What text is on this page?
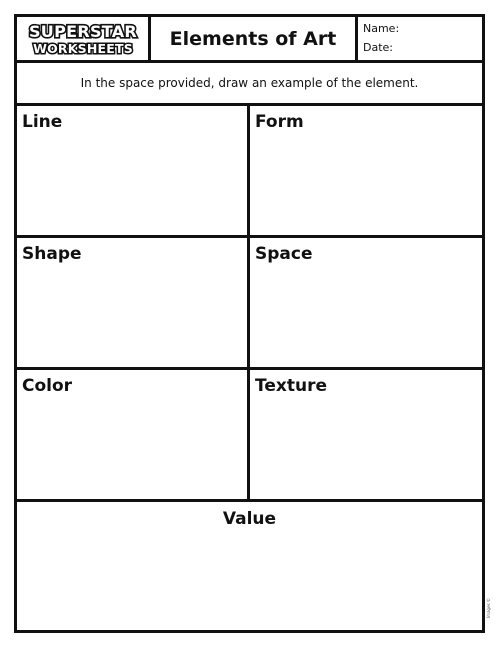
SUPERSTAR
WORKSHEETS	Elements of Art	Name:
Date:
In the space provided, draw an example of the element.
Line	Form
Shape	Space
Color	Texture
Value
Images ©
